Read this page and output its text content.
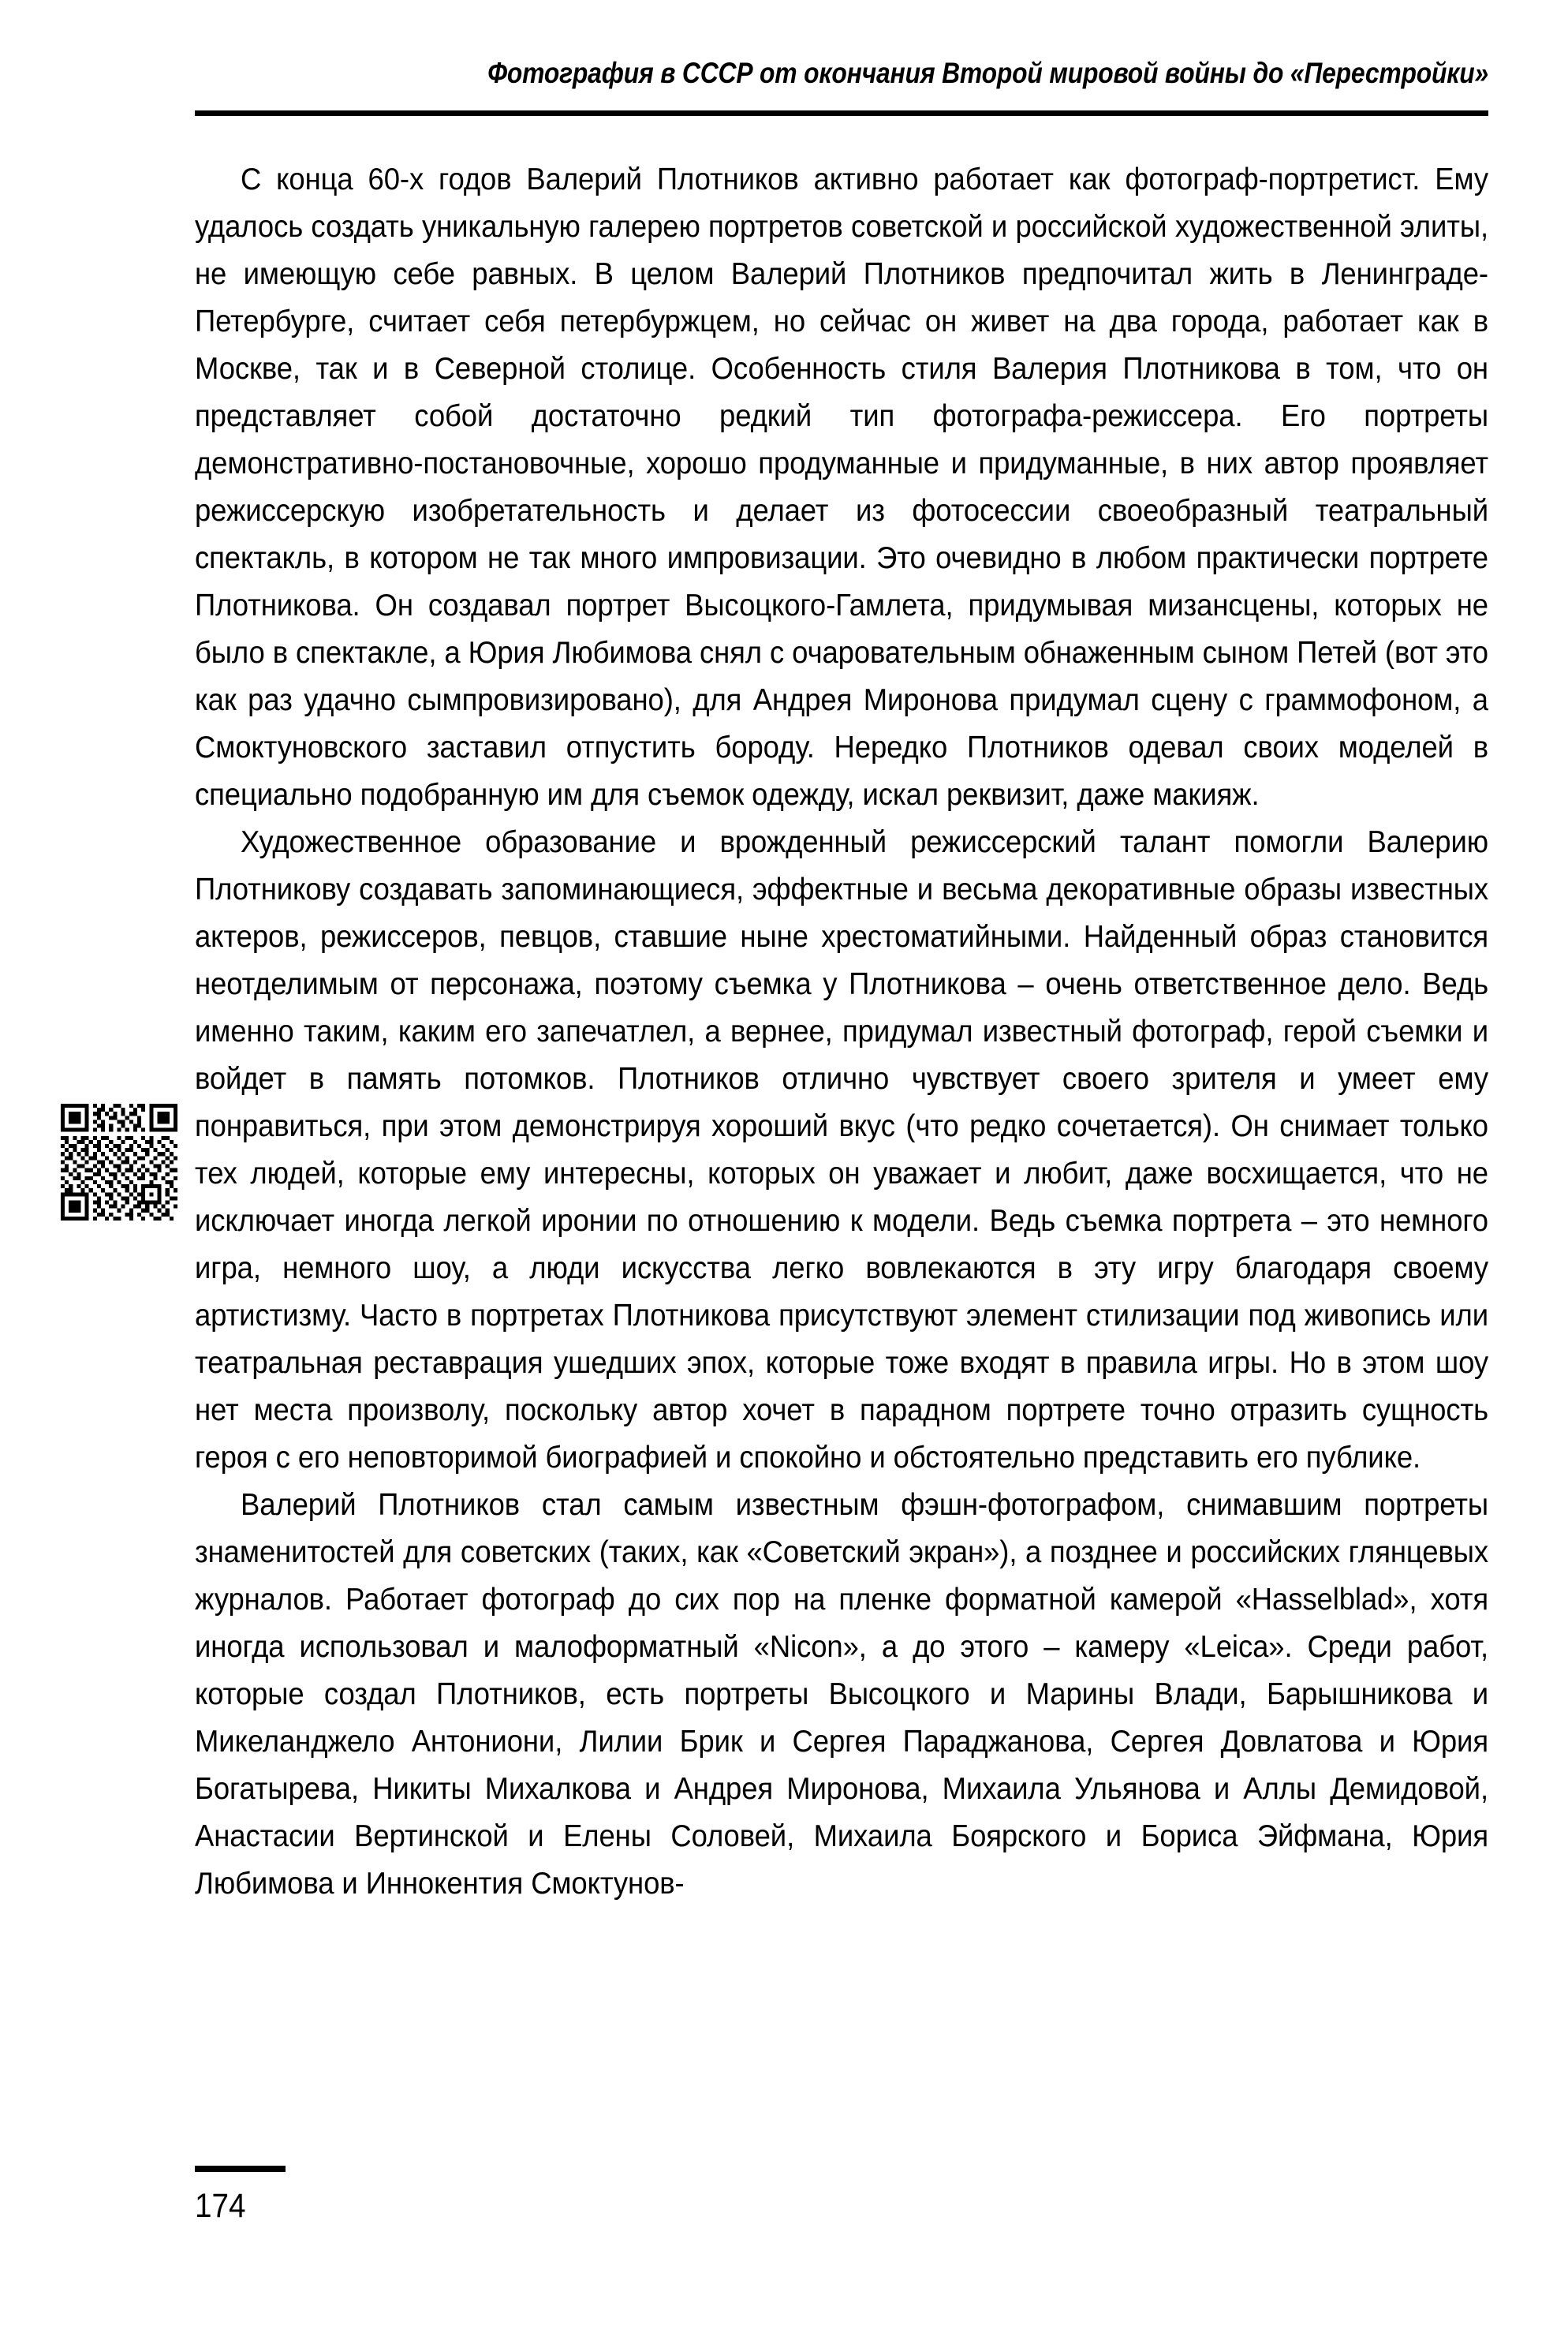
Фотография в СССР от окончания Второй мировой войны до «Перестройки»

С конца 60-х годов Валерий Плотников активно работает как фотограф-портретист. Ему удалось создать уникальную галерею портретов советской и российской художественной элиты, не имеющую себе равных. В целом Валерий Плотников предпочитал жить в Ленинграде-Петербурге, считает себя петербуржцем, но сейчас он живет на два города, работает как в Москве, так и в Северной столице. Особенность стиля Валерия Плотникова в том, что он представляет собой достаточно редкий тип фотографа-режиссера. Его портреты демонстративно-постановочные, хорошо продуманные и придуманные, в них автор проявляет режиссерскую изобретательность и делает из фотосессии своеобразный театральный спектакль, в котором не так много импровизации. Это очевидно в любом практически портрете Плотникова. Он создавал портрет Высоцкого-Гамлета, придумывая мизансцены, которых не было в спектакле, а Юрия Любимова снял с очаровательным обнаженным сыном Петей (вот это как раз удачно сымпровизировано), для Андрея Миронова придумал сцену с граммофоном, а Смоктуновского заставил отпустить бороду. Нередко Плотников одевал своих моделей в специально подобранную им для съемок одежду, искал реквизит, даже макияж.

Художественное образование и врожденный режиссерский талант помогли Валерию Плотникову создавать запоминающиеся, эффектные и весьма декоративные образы известных актеров, режиссеров, певцов, ставшие ныне хрестоматийными. Найденный образ становится неотделимым от персонажа, поэтому съемка у Плотникова – очень ответственное дело. Ведь именно таким, каким его запечатлел, а вернее, придумал известный фотограф, герой съемки и войдет в память потомков. Плотников отлично чувствует своего зрителя и умеет ему понравиться, при этом демонстрируя хороший вкус (что редко сочетается). Он снимает только тех людей, которые ему интересны, которых он уважает и любит, даже восхищается, что не исключает иногда легкой иронии по отношению к модели. Ведь съемка портрета – это немного игра, немного шоу, а люди искусства легко вовлекаются в эту игру благодаря своему артистизму. Часто в портретах Плотникова присутствуют элемент стилизации под живопись или театральная реставрация ушедших эпох, которые тоже входят в правила игры. Но в этом шоу нет места произволу, поскольку автор хочет в парадном портрете точно отразить сущность героя с его неповторимой биографией и спокойно и обстоятельно представить его публике.

Валерий Плотников стал самым известным фэшн-фотографом, снимавшим портреты знаменитостей для советских (таких, как «Советский экран»), а позднее и российских глянцевых журналов. Работает фотограф до сих пор на пленке форматной камерой «Hasselblad», хотя иногда использовал и малоформатный «Nicon», а до этого – камеру «Leica». Среди работ, которые создал Плотников, есть портреты Высоцкого и Марины Влади, Барышникова и Микеланджело Антониони, Лилии Брик и Сергея Параджанова, Сергея Довлатова и Юрия Богатырева, Никиты Михалкова и Андрея Миронова, Михаила Ульянова и Аллы Демидовой, Анастасии Вертинской и Елены Соловей, Михаила Боярского и Бориса Эйфмана, Юрия Любимова и Иннокентия Смоктунов-

174
